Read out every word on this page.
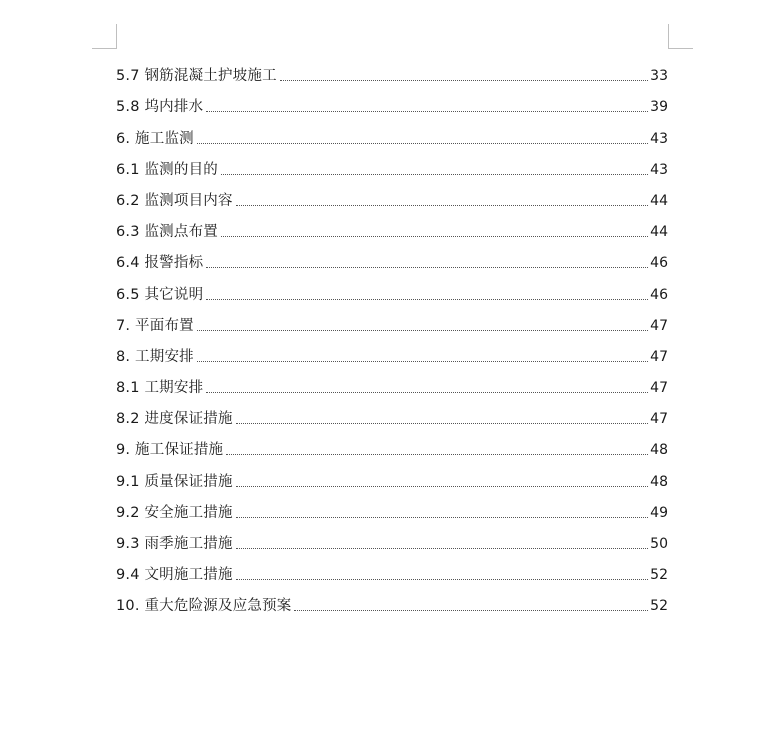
5.7 钢筋混凝土护坡施工	33
5.8 坞内排水	39
6. 施工监测	43
6.1 监测的目的	43
6.2 监测项目内容	44
6.3 监测点布置	44
6.4 报警指标	46
6.5 其它说明	46
7. 平面布置	47
8. 工期安排	47
8.1 工期安排	47
8.2 进度保证措施	47
9. 施工保证措施	48
9.1 质量保证措施	48
9.2 安全施工措施	49
9.3 雨季施工措施	50
9.4 文明施工措施	52
10. 重大危险源及应急预案	52
